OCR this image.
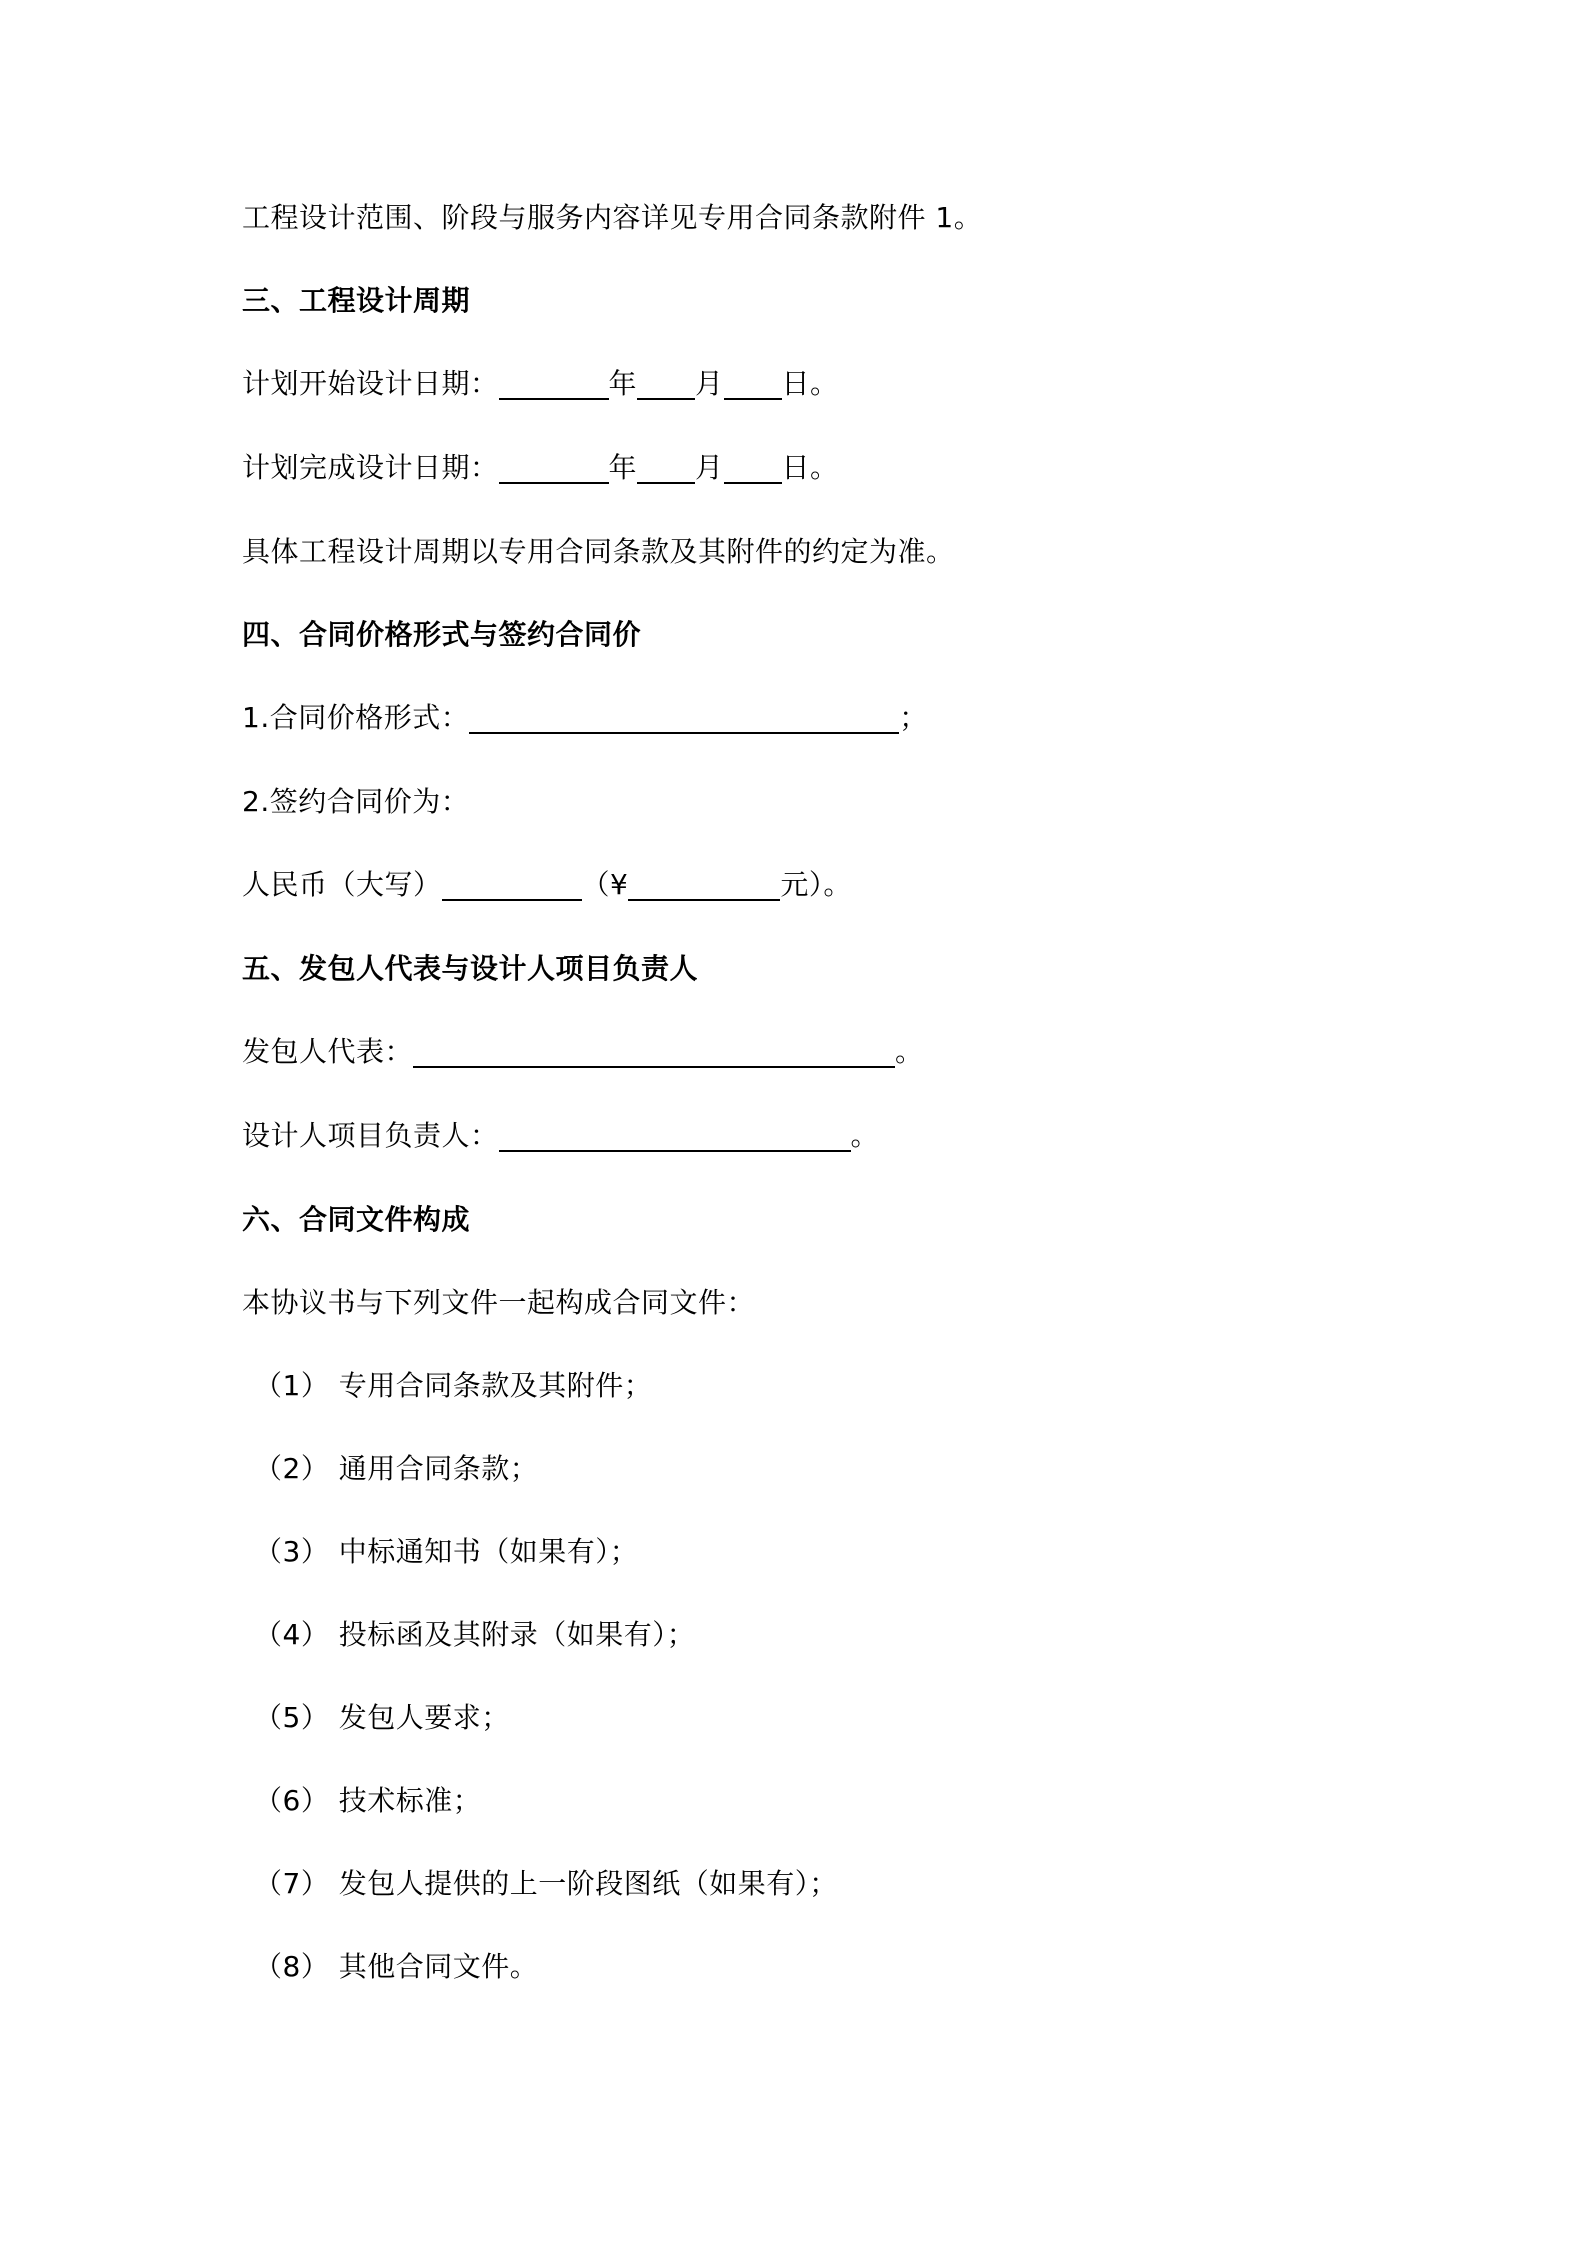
工程设计范围、阶段与服务内容详见专用合同条款附件 1。
三、工程设计周期
计划开始设计日期：	年 月 日。
计划完成设计日期：	年 月 日。
具体工程设计周期以专用合同条款及其附件的约定为准。
四、合同价格形式与签约合同价
1.合同价格形式：	；
2.签约合同价为：
人民币（大写）	（¥	元）。
五、发包人代表与设计人项目负责人
发包人代表：	。
设计人项目负责人：	。
六、合同文件构成
本协议书与下列文件一起构成合同文件：
（1） 专用合同条款及其附件；
（2） 通用合同条款；
（3） 中标通知书（如果有）；
（4） 投标函及其附录（如果有）；
（5） 发包人要求；
（6） 技术标准；
（7） 发包人提供的上一阶段图纸（如果有）；
（8） 其他合同文件。
